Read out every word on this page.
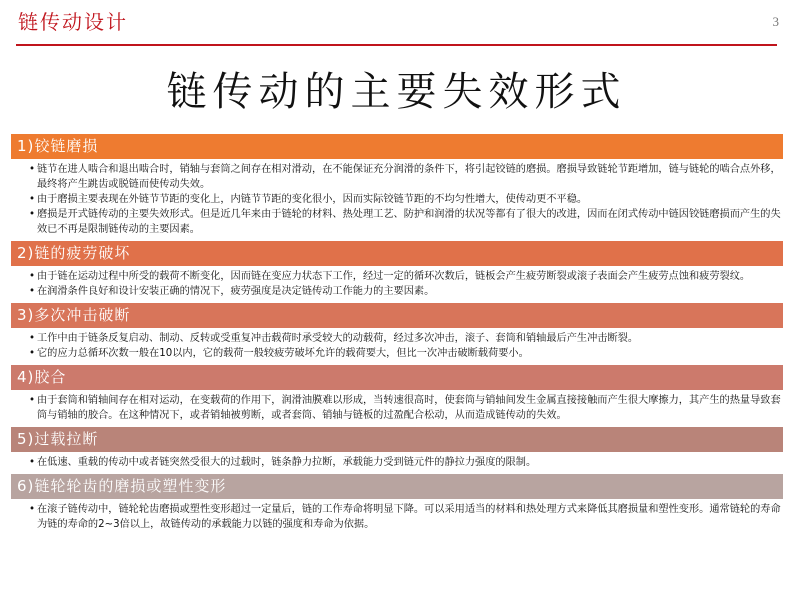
链传动设计	3
链传动的主要失效形式
1)铰链磨损
• 链节在进人啮合和退出啮合时，销轴与套筒之间存在相对滑动，在不能保证充分润滑的条件下，将引起铰链的磨损。磨损导致链轮节距增加，链与链轮的啮合点外移，最终将产生跳齿或脱链而使传动失效。
• 由于磨损主要表现在外链节节距的变化上，内链节节距的变化很小，因而实际铰链节距的不均匀性增大，使传动更不平稳。
• 磨损是开式链传动的主要失效形式。但是近几年来由于链轮的材料、热处理工艺、防护和润滑的状况等都有了很大的改进，因而在闭式传动中链因铰链磨损而产生的失效已不再是限制链传动的主要因素。
2)链的疲劳破坏
• 由于链在运动过程中所受的载荷不断变化，因而链在变应力状态下工作，经过一定的循环次数后，链板会产生疲劳断裂或滚子表面会产生疲劳点蚀和疲劳裂纹。
• 在润滑条件良好和设计安装正确的情况下，疲劳强度是决定链传动工作能力的主要因素。
3)多次冲击破断
• 工作中由于链条反复启动、制动、反转或受重复冲击载荷时承受较大的动载荷，经过多次冲击，滚子、套筒和销轴最后产生冲击断裂。
• 它的应力总循环次数一般在10以内，它的载荷一般较疲劳破坏允许的载荷要大，但比一次冲击破断载荷要小。
4)胶合
• 由于套筒和销轴间存在相对运动，在变载荷的作用下，润滑油膜难以形成，当转速很高时，使套筒与销轴间发生金属直接接触而产生很大摩擦力，其产生的热量导致套筒与销轴的胶合。在这种情况下，或者销轴被剪断，或者套筒、销轴与链板的过盈配合松动，从而造成链传动的失效。
5)过载拉断
• 在低速、重载的传动中或者链突然受很大的过载时，链条静力拉断，承载能力受到链元件的静拉力强度的限制。
6)链轮轮齿的磨损或塑性变形
• 在滚子链传动中，链轮轮齿磨损或塑性变形超过一定量后，链的工作寿命将明显下降。可以采用适当的材料和热处理方式来降低其磨损量和塑性变形。通常链轮的寿命为链的寿命的2~3倍以上，故链传动的承载能力以链的强度和寿命为依据。
